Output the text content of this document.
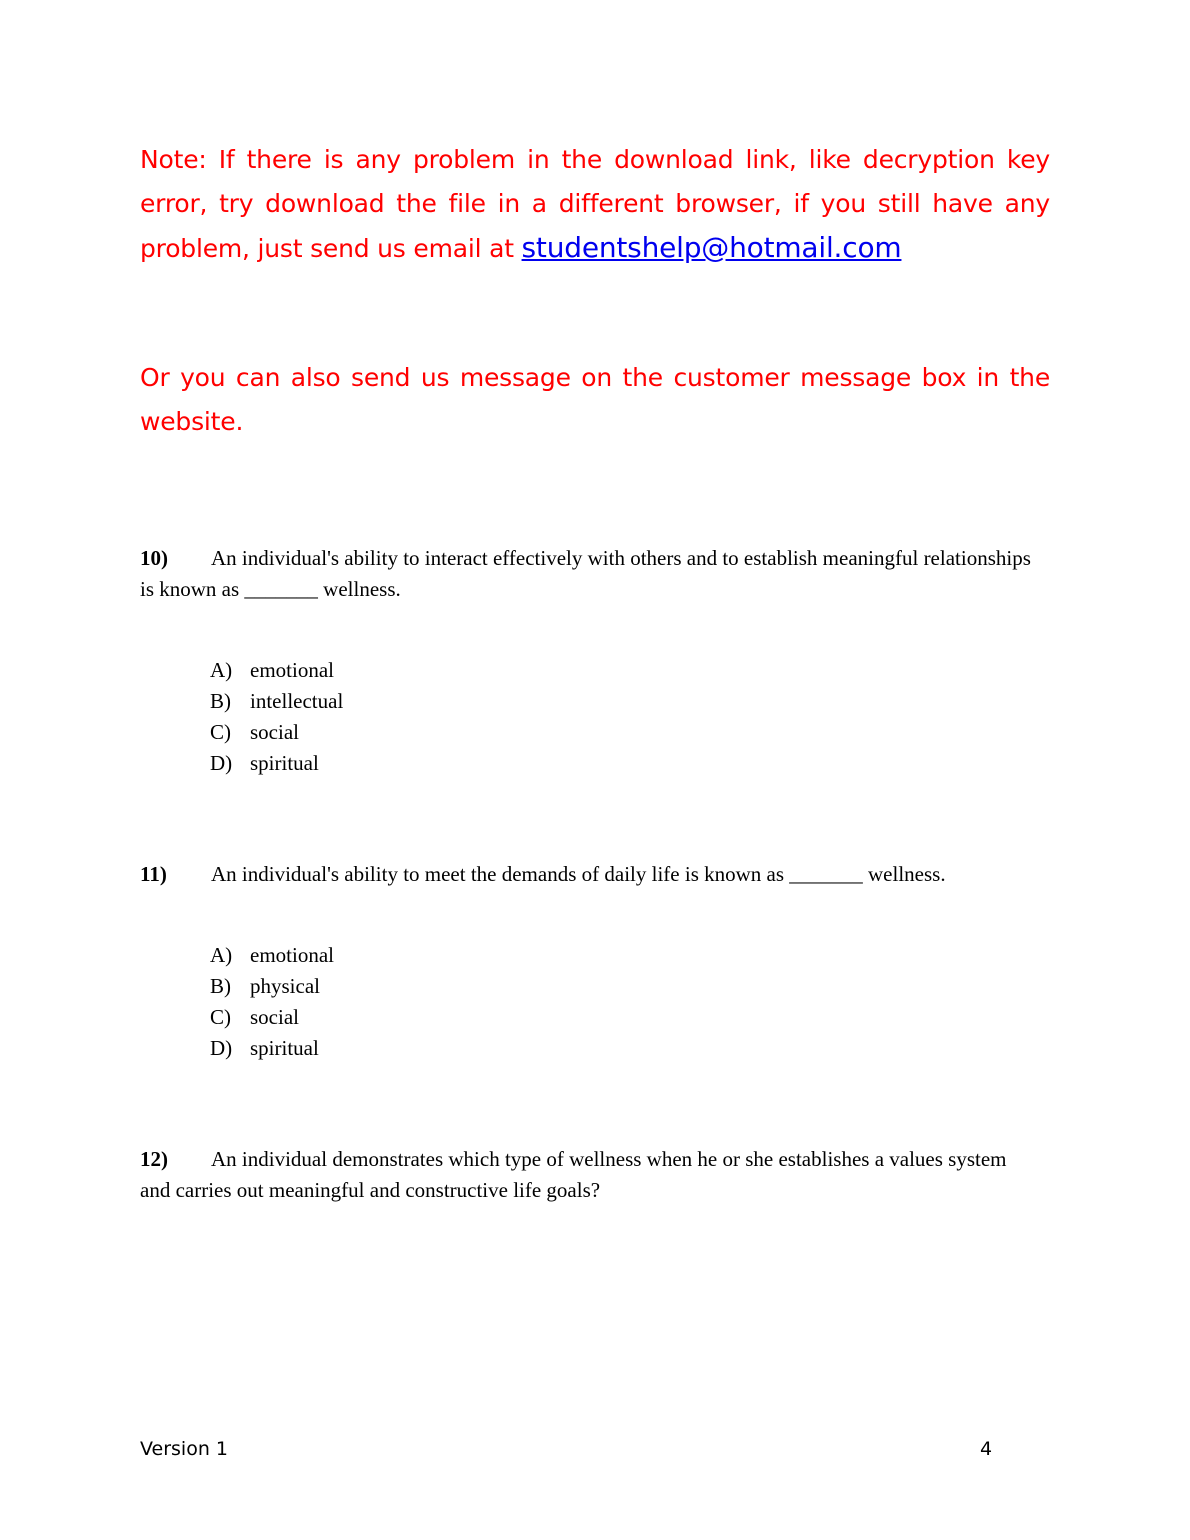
Note: If there is any problem in the download link, like decryption key error, try download the file in a different browser, if you still have any problem, just send us email at studentshelp@hotmail.com
Or you can also send us message on the customer message box in the website.
10) An individual's ability to interact effectively with others and to establish meaningful relationships is known as _______ wellness.
A) emotional
B) intellectual
C) social
D) spiritual
11) An individual's ability to meet the demands of daily life is known as _______ wellness.
A) emotional
B) physical
C) social
D) spiritual
12) An individual demonstrates which type of wellness when he or she establishes a values system and carries out meaningful and constructive life goals?
Version 1	4
